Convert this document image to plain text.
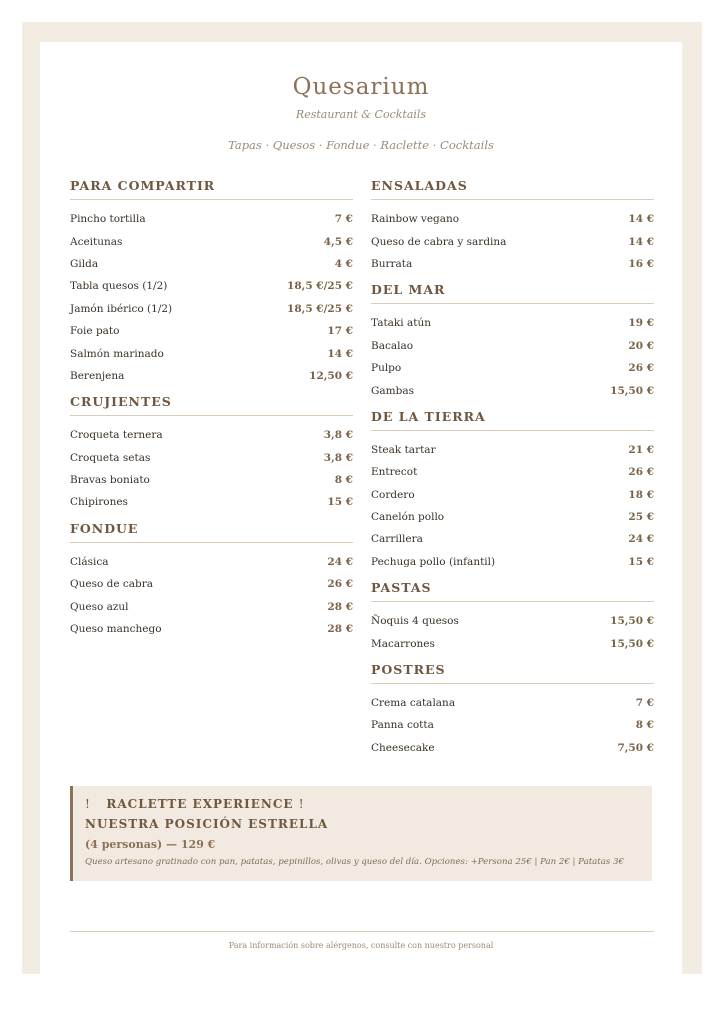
Quesarium
Restaurant & Cocktails
Tapas · Quesos · Fondue · Raclette · Cocktails
PARA COMPARTIR
Pincho tortilla	7 €
Aceitunas	4,5 €
Gilda	4 €
Tabla quesos (1/2)	18,5 €/25 €
Jamón ibérico (1/2)	18,5 €/25 €
Foie pato	17 €
Salmón marinado	14 €
Berenjena	12,50 €
CRUJIENTES
Croqueta ternera	3,8 €
Croqueta setas	3,8 €
Bravas boniato	8 €
Chipirones	15 €
FONDUE
Clásica	24 €
Queso de cabra	26 €
Queso azul	28 €
Queso manchego	28 €
ENSALADAS
Rainbow vegano	14 €
Queso de cabra y sardina	14 €
Burrata	16 €
DEL MAR
Tataki atún	19 €
Bacalao	20 €
Pulpo	26 €
Gambas	15,50 €
DE LA TIERRA
Steak tartar	21 €
Entrecot	26 €
Cordero	18 €
Canelón pollo	25 €
Carrillera	24 €
Pechuga pollo (infantil)	15 €
PASTAS
Ñoquis 4 quesos	15,50 €
Macarrones	15,50 €
POSTRES
Crema catalana	7 €
Panna cotta	8 €
Cheesecake	7,50 €
! RACLETTE EXPERIENCE !
NUESTRA POSICIÓN ESTRELLA
(4 personas) — 129 €
Queso artesano gratinado con pan, patatas, pepinillos, olivas y queso del día. Opciones: +Persona 25€ | Pan 2€ | Patatas 3€
Para información sobre alérgenos, consulte con nuestro personal
